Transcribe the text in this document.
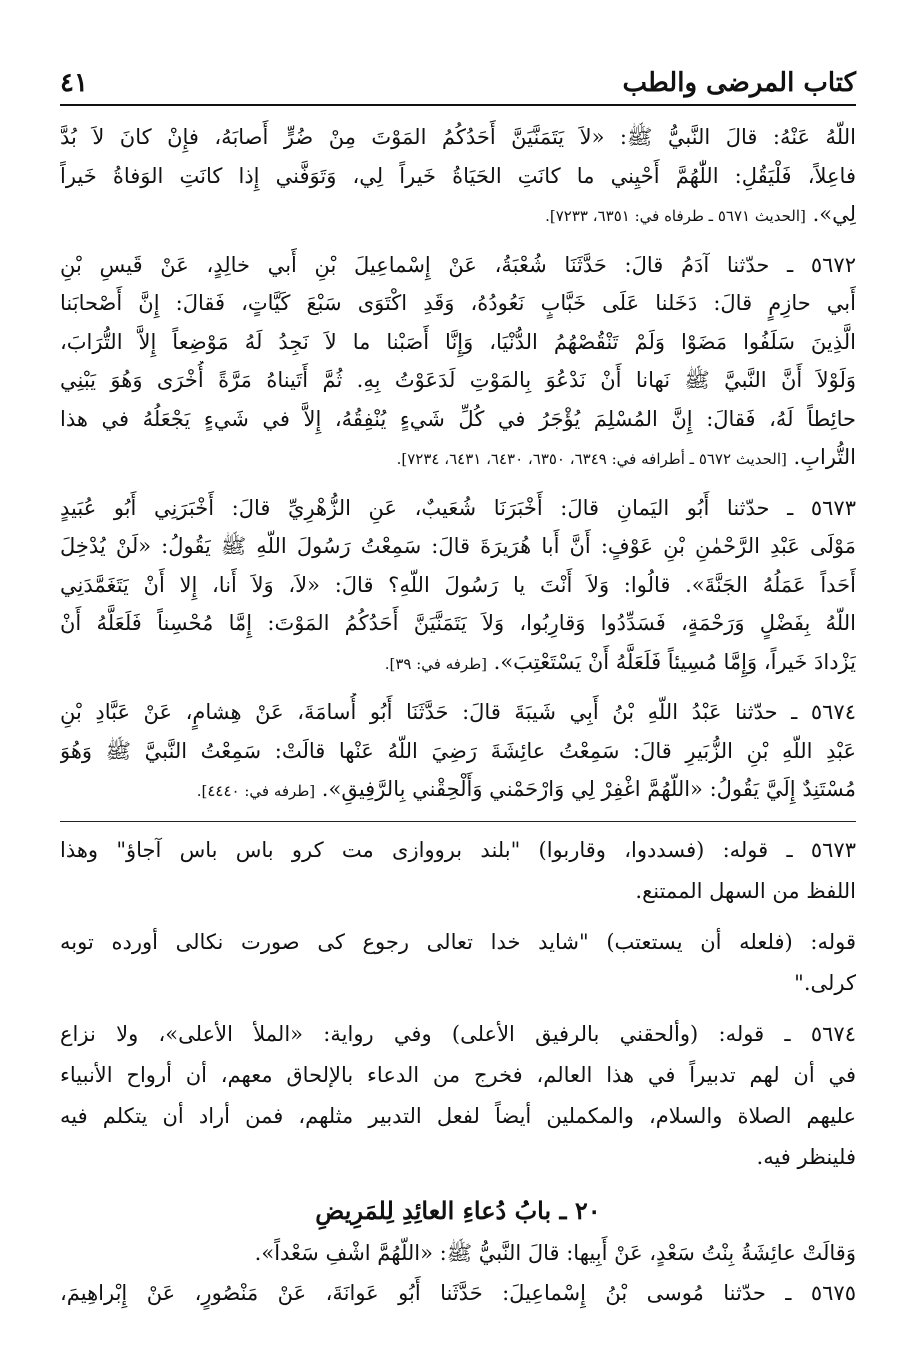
كتاب المرضى والطب
٤١
اللّهُ عَنْهُ: قالَ النَّبيُّ ﷺ: «لاَ يَتَمَنَّيَنَّ أَحَدُكُمُ المَوْتَ مِنْ ضُرٍّ أَصابَهُ، فإِنْ كانَ لاَ بُدَّ
فاعِلاً، فَلْيَقُلِ: اللّٰهُمَّ أَحْيِني ما كانَتِ الحَيَاةُ خَيراً لِي، وَتَوَفَّني إِذا كانَتِ الوَفاةُ خَيراً
لِي». [الحديث ٥٦٧١ ـ طرفاه في: ٦٣٥١، ٧٢٣٣].
٥٦٧٢ ـ حدّثنا آدَمُ قالَ: حَدَّثَنَا شُعْبَةُ، عَنْ إِسْماعِيلَ بْنِ أَبي خالِدٍ، عَنْ قَيسِ بْنِ
أَبي حازِمٍ قالَ: دَخَلنا عَلَى خَبَّابٍ نَعُودُهُ، وَقَدِ اكْتَوَى سَبْعَ كَيَّاتٍ، فَقالَ: إِنَّ أَصْحابَنا
الَّذِينَ سَلَفُوا مَضَوْا وَلَمْ تَنْقُصْهُمُ الدُّنْيَا، وَإِنَّا أَصَبْنا ما لاَ نَجِدُ لَهُ مَوْضِعاً إِلاَّ التُّرَابَ،
وَلَوْلاَ أَنَّ النَّبيَّ ﷺ نَهانا أَنْ نَدْعُوَ بِالمَوْتِ لَدَعَوْتُ بِهِ. ثُمَّ أَتَيناهُ مَرَّةً أُخْرَى وَهُوَ يَبْنِي
حائِطاً لَهُ، فَقالَ: إِنَّ المُسْلِمَ يُؤْجَرُ في كُلِّ شَيءٍ يُنْفِقُهُ، إِلاَّ في شَيءٍ يَجْعَلُهُ في هذا
التُّرابِ. [الحديث ٥٦٧٢ ـ أطرافه في: ٦٣٤٩، ٦٣٥٠، ٦٤٣٠، ٦٤٣١، ٧٢٣٤].
٥٦٧٣ ـ حدّثنا أَبُو اليَمانِ قالَ: أَخْبَرَنَا شُعَيبٌ، عَنِ الزُّهْرِيِّ قالَ: أَخْبَرَنِي أَبُو عُبَيدٍ
مَوْلَى عَبْدِ الرَّحْمٰنِ بْنِ عَوْفٍ: أَنَّ أَبا هُرَيرَةَ قالَ: سَمِعْتُ رَسُولَ اللّهِ ﷺ يَقُولُ: «لَنْ يُدْخِلَ
أَحَداً عَمَلُهُ الجَنَّةَ». قالُوا: وَلاَ أَنْتَ يا رَسُولَ اللّهِ؟ قالَ: «لاَ، وَلاَ أَنا، إِلا أَنْ يَتَغَمَّدَنِي
اللّهُ بِفَضْلٍ وَرَحْمَةٍ، فَسَدِّدُوا وَقارِبُوا، وَلاَ يَتَمَنَّيَنَّ أَحَدُكُمُ المَوْتَ: إِمَّا مُحْسِناً فَلَعَلَّهُ أَنْ
يَزْدادَ خَيراً، وَإِمَّا مُسِيئاً فَلَعَلَّهُ أَنْ يَسْتَعْتِبَ». [طرفه في: ٣٩].
٥٦٧٤ ـ حدّثنا عَبْدُ اللّهِ بْنُ أَبِي شَيبَةَ قالَ: حَدَّثَنَا أَبُو أُسامَةَ، عَنْ هِشامٍ، عَنْ عَبَّادِ بْنِ
عَبْدِ اللّهِ بْنِ الزُّبَيرِ قالَ: سَمِعْتُ عائِشَةَ رَضِيَ اللّهُ عَنْها قالَتْ: سَمِعْتُ النَّبيَّ ﷺ وَهُوَ
مُسْتَنِدٌ إِلَيَّ يَقُولُ: «اللّهُمَّ اغْفِرْ لِي وَارْحَمْني وَأَلْحِقْني بِالرَّفِيقِ». [طرفه في: ٤٤٤٠].
٥٦٧٣ ـ قوله: (فسددوا، وقاربوا) "بلند برووازى مت كرو باس باس آجاؤ" وهذا
اللفظ من السهل الممتنع.
قوله: (فلعله أن يستعتب) "شايد خدا تعالى رجوع كى صورت نكالى أورده توبه
كرلى."
٥٦٧٤ ـ قوله: (وألحقني بالرفيق الأعلى) وفي رواية: «الملأ الأعلى»، ولا نزاع
في أن لهم تدبيراً في هذا العالم، فخرج من الدعاء بالإلحاق معهم، أن أرواح الأنبياء
عليهم الصلاة والسلام، والمكملين أيضاً لفعل التدبير مثلهم، فمن أراد أن يتكلم فيه
فلينظر فيه.
٢٠ ـ بابُ دُعاءِ العائِدِ لِلمَرِيضِ
وَقالَتْ عائِشَةُ بِنْتُ سَعْدٍ، عَنْ أَبِيها: قالَ النَّبيُّ ﷺ: «اللّهُمَّ اشْفِ سَعْداً».
٥٦٧٥ ـ حدّثنا مُوسى بْنُ إِسْماعِيلَ: حَدَّثَنا أَبُو عَوانَةَ، عَنْ مَنْصُورٍ، عَنْ إِبْراهِيمَ،
